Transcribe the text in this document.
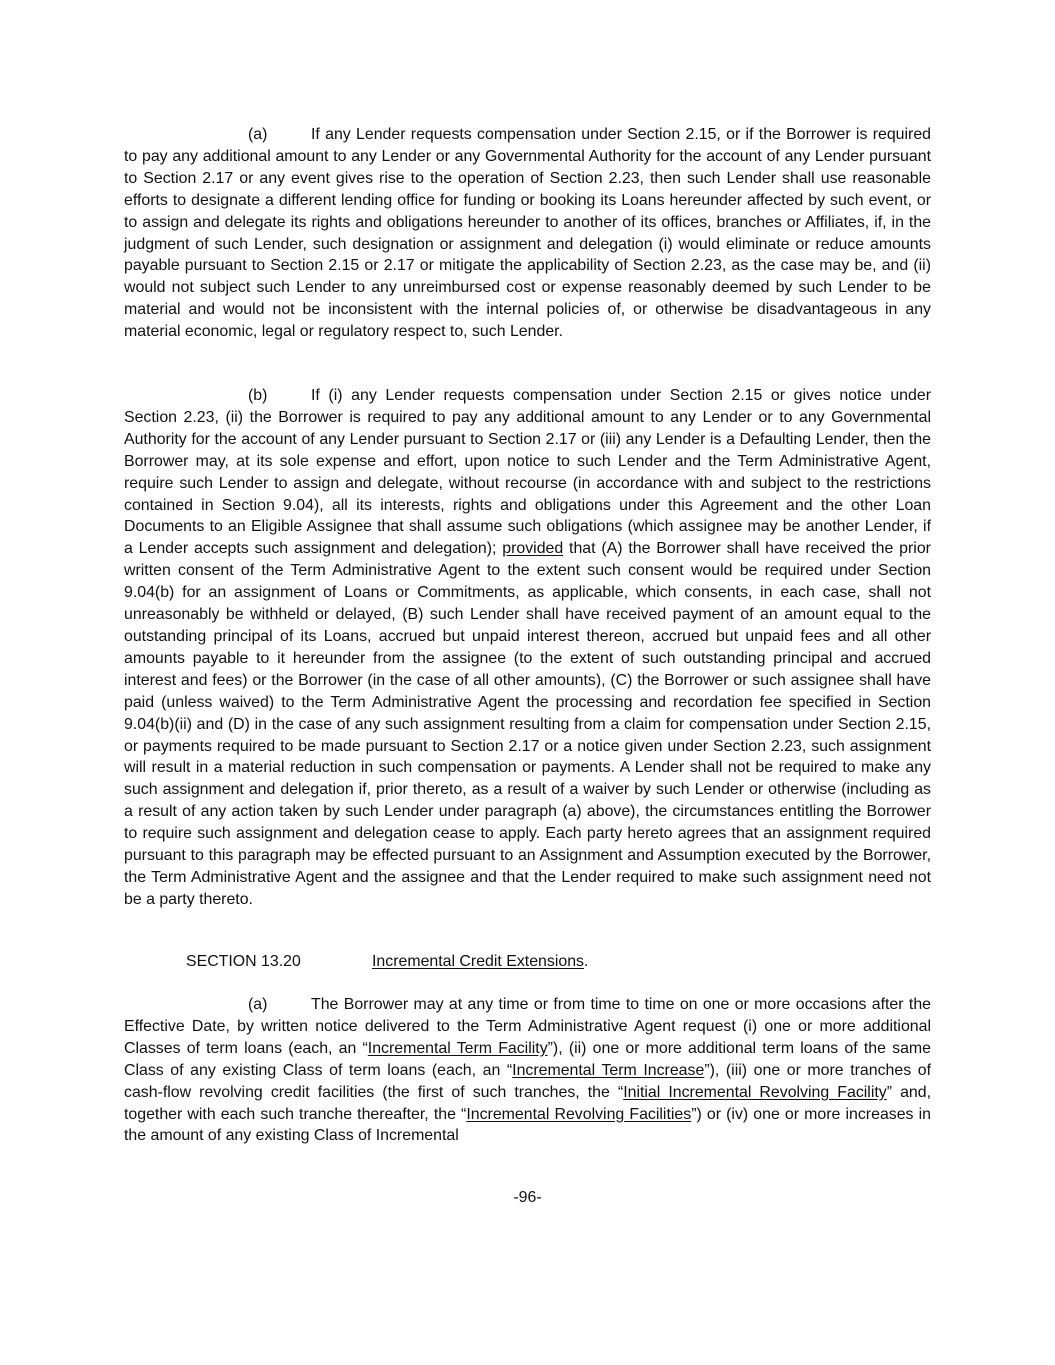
(a)	If any Lender requests compensation under Section 2.15, or if the Borrower is required to pay any additional amount to any Lender or any Governmental Authority for the account of any Lender pursuant to Section 2.17 or any event gives rise to the operation of Section 2.23, then such Lender shall use reasonable efforts to designate a different lending office for funding or booking its Loans hereunder affected by such event, or to assign and delegate its rights and obligations hereunder to another of its offices, branches or Affiliates, if, in the judgment of such Lender, such designation or assignment and delegation (i) would eliminate or reduce amounts payable pursuant to Section 2.15 or 2.17 or mitigate the applicability of Section 2.23, as the case may be, and (ii) would not subject such Lender to any unreimbursed cost or expense reasonably deemed by such Lender to be material and would not be inconsistent with the internal policies of, or otherwise be disadvantageous in any material economic, legal or regulatory respect to, such Lender.

(b)	If (i) any Lender requests compensation under Section 2.15 or gives notice under Section 2.23, (ii) the Borrower is required to pay any additional amount to any Lender or to any Governmental Authority for the account of any Lender pursuant to Section 2.17 or (iii) any Lender is a Defaulting Lender, then the Borrower may, at its sole expense and effort, upon notice to such Lender and the Term Administrative Agent, require such Lender to assign and delegate, without recourse (in accordance with and subject to the restrictions contained in Section 9.04), all its interests, rights and obligations under this Agreement and the other Loan Documents to an Eligible Assignee that shall assume such obligations (which assignee may be another Lender, if a Lender accepts such assignment and delegation); provided that (A) the Borrower shall have received the prior written consent of the Term Administrative Agent to the extent such consent would be required under Section 9.04(b) for an assignment of Loans or Commitments, as applicable, which consents, in each case, shall not unreasonably be withheld or delayed, (B) such Lender shall have received payment of an amount equal to the outstanding principal of its Loans, accrued but unpaid interest thereon, accrued but unpaid fees and all other amounts payable to it hereunder from the assignee (to the extent of such outstanding principal and accrued interest and fees) or the Borrower (in the case of all other amounts), (C) the Borrower or such assignee shall have paid (unless waived) to the Term Administrative Agent the processing and recordation fee specified in Section 9.04(b)(ii) and (D) in the case of any such assignment resulting from a claim for compensation under Section 2.15, or payments required to be made pursuant to Section 2.17 or a notice given under Section 2.23, such assignment will result in a material reduction in such compensation or payments. A Lender shall not be required to make any such assignment and delegation if, prior thereto, as a result of a waiver by such Lender or otherwise (including as a result of any action taken by such Lender under paragraph (a) above), the circumstances entitling the Borrower to require such assignment and delegation cease to apply. Each party hereto agrees that an assignment required pursuant to this paragraph may be effected pursuant to an Assignment and Assumption executed by the Borrower, the Term Administrative Agent and the assignee and that the Lender required to make such assignment need not be a party thereto.

SECTION 13.20	Incremental Credit Extensions.

(a)	The Borrower may at any time or from time to time on one or more occasions after the Effective Date, by written notice delivered to the Term Administrative Agent request (i) one or more additional Classes of term loans (each, an “Incremental Term Facility”), (ii) one or more additional term loans of the same Class of any existing Class of term loans (each, an “Incremental Term Increase”), (iii) one or more tranches of cash-flow revolving credit facilities (the first of such tranches, the “Initial Incremental Revolving Facility” and, together with each such tranche thereafter, the “Incremental Revolving Facilities”) or (iv) one or more increases in the amount of any existing Class of Incremental

-96-
